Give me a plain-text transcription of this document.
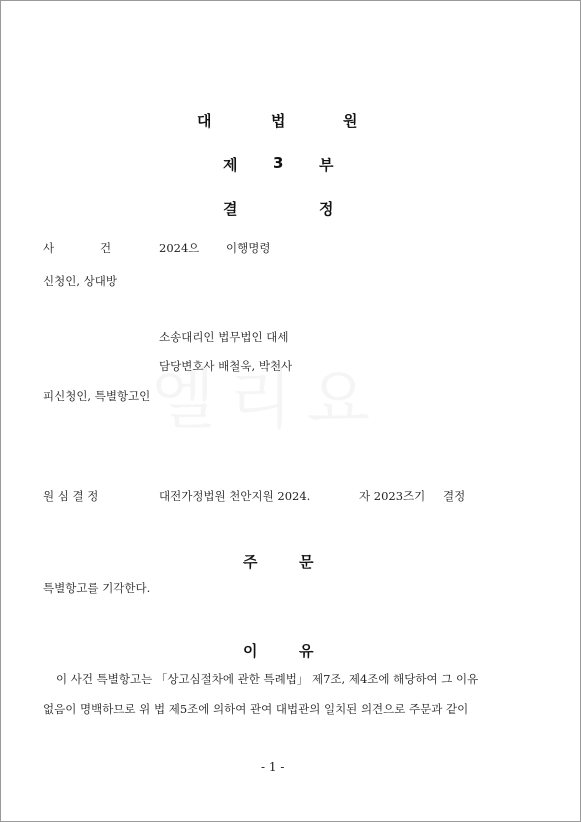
대	법	원
제 3 부
결	정
사	건	2024으 이행명령
신청인, 상대방
소송대리인 법무법인 대세
담당변호사 배철욱, 박천사
피신청인, 특별항고인
원 심 결 정	대전가정법원 천안지원 2024.	자 2023즈기 결정
주	문
특별항고를 기각한다.
이	유
이 사건 특별항고는 「상고심절차에 관한 특례법」 제7조, 제4조에 해당하여 그 이유
없음이 명백하므로 위 법 제5조에 의하여 관여 대법관의 일치된 의견으로 주문과 같이
- 1 -
